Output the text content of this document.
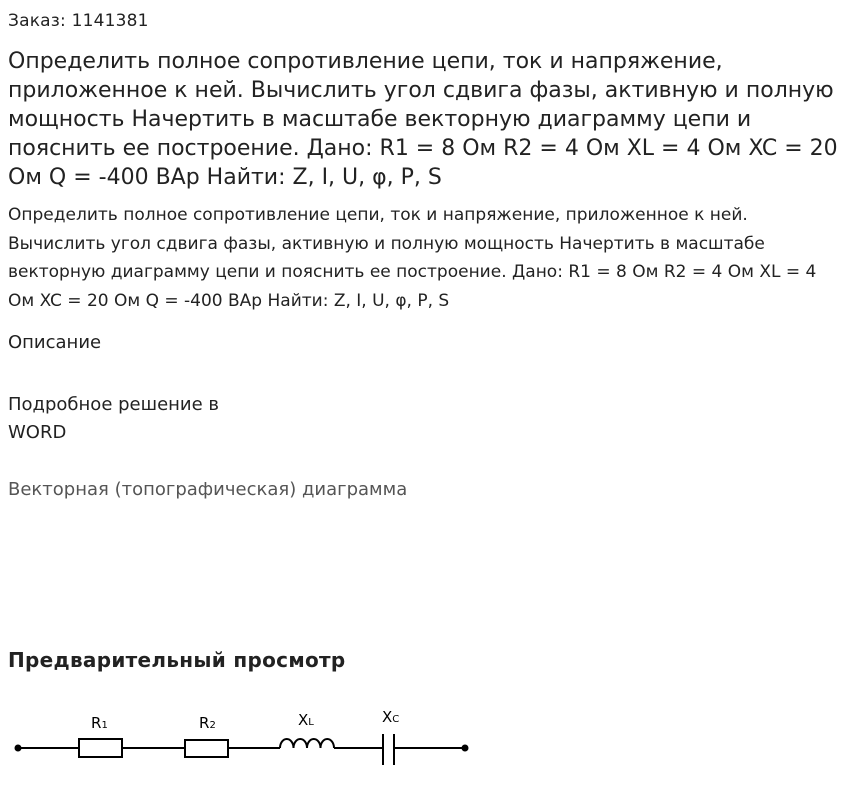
Заказ: 1141381
Определить полное сопротивление цепи, ток и напряжение, приложенное к ней. Вычислить угол сдвига фазы, активную и полную мощность Начертить в масштабе векторную диаграмму цепи и пояснить ее построение. Дано: R1 = 8 Ом R2 = 4 Ом XL = 4 Ом XC = 20 Ом Q = -400 ВАр Найти: Z, I, U, φ, P, S

Определить полное сопротивление цепи, ток и напряжение, приложенное к ней. Вычислить угол сдвига фазы, активную и полную мощность Начертить в масштабе векторную диаграмму цепи и пояснить ее построение. Дано: R1 = 8 Ом R2 = 4 Ом XL = 4 Ом XC = 20 Ом Q = -400 ВАр Найти: Z, I, U, φ, P, S

Описание
Подробное решение в WORD
Векторная (топографическая) диаграмма
Предварительный просмотр
R1	R2	XL	XC
